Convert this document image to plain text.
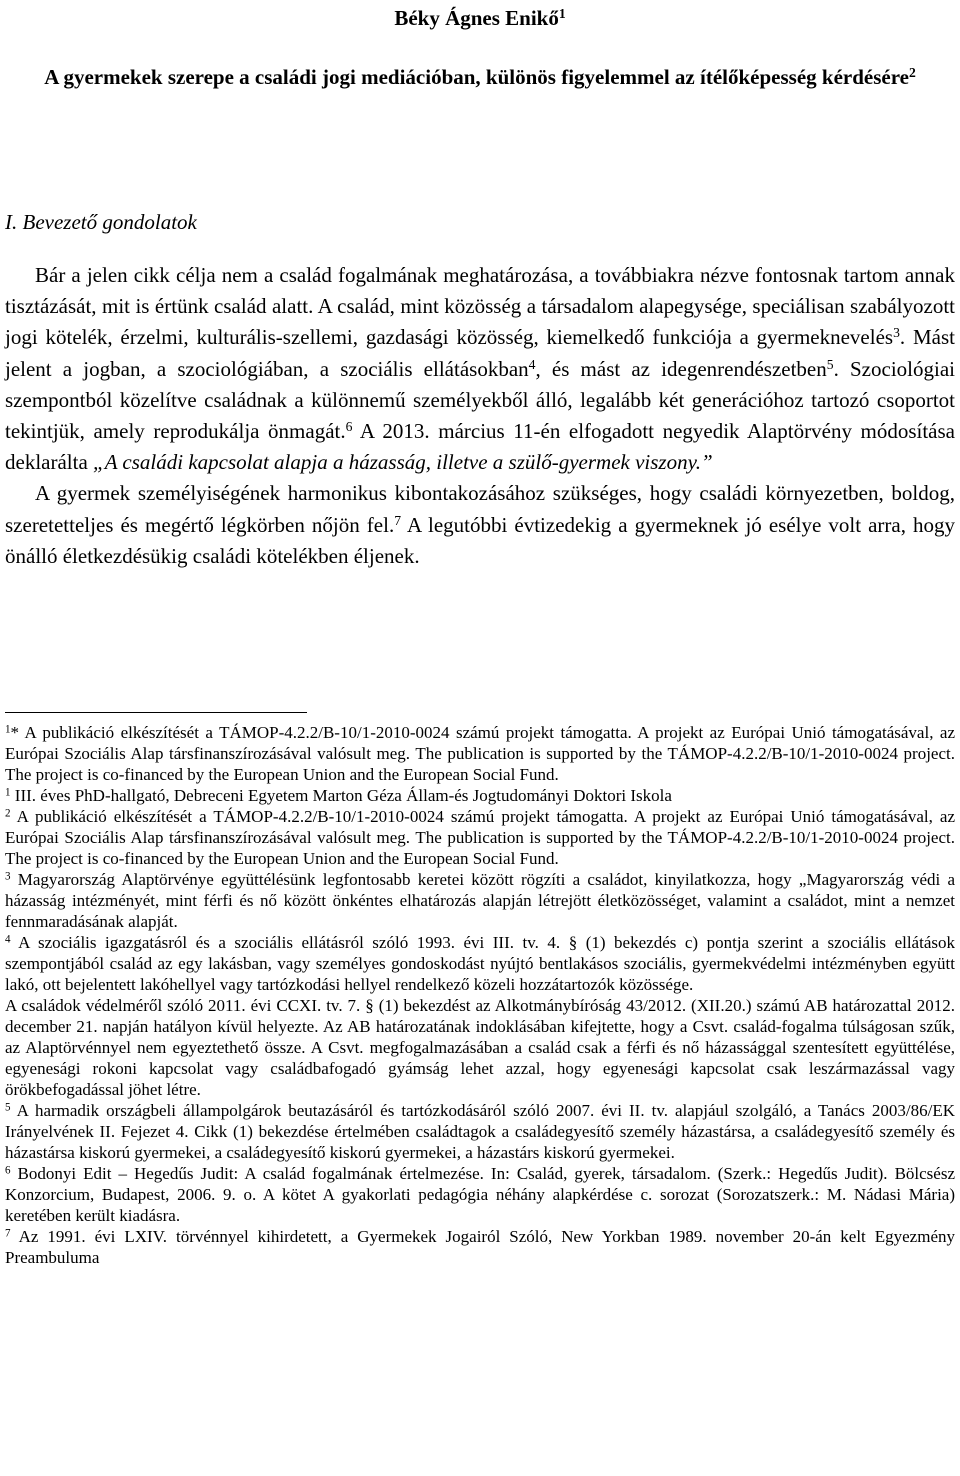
Béky Ágnes Enikő$^1$
A gyermekek szerepe a családi jogi mediációban, különös figyelemmel az ítélőképesség kérdésére$^2$
I. Bevezető gondolatok

Bár a jelen cikk célja nem a család fogalmának meghatározása, a továbbiakra nézve fontosnak tartom annak tisztázását, mit is értünk család alatt. A család, mint közösség a társadalom alapegysége, speciálisan szabályozott jogi kötelék, érzelmi, kulturális-szellemi, gazdasági közösség, kiemelkedő funkciója a gyermeknevelés$^3$. Mást jelent a jogban, a szociológiában, a szociális ellátásokban$^4$, és mást az idegenrendészetben$^5$. Szociológiai szempontból közelítve családnak a különnemű személyekből álló, legalább két generációhoz tartozó csoportot tekintjük, amely reprodukálja önmagát.$^6$ A 2013. március 11-én elfogadott negyedik Alaptörvény módosítása deklarálta „A családi kapcsolat alapja a házasság, illetve a szülő-gyermek viszony.”

A gyermek személyiségének harmonikus kibontakozásához szükséges, hogy családi környezetben, boldog, szeretetteljes és megértő légkörben nőjön fel.$^7$ A legutóbbi évtizedekig a gyermeknek jó esélye volt arra, hogy önálló életkezdésükig családi kötelékben éljenek.

$^1$* A publikáció elkészítését a TÁMOP-4.2.2/B-10/1-2010-0024 számú projekt támogatta. A projekt az Európai Unió támogatásával, az Európai Szociális Alap társfinanszírozásával valósult meg. The publication is supported by the TÁMOP-4.2.2/B-10/1-2010-0024 project. The project is co-financed by the European Union and the European Social Fund.

$^1$ III. éves PhD-hallgató, Debreceni Egyetem Marton Géza Állam-és Jogtudományi Doktori Iskola

$^2$ A publikáció elkészítését a TÁMOP-4.2.2/B-10/1-2010-0024 számú projekt támogatta. A projekt az Európai Unió támogatásával, az Európai Szociális Alap társfinanszírozásával valósult meg. The publication is supported by the TÁMOP-4.2.2/B-10/1-2010-0024 project. The project is co-financed by the European Union and the European Social Fund.

$^3$ Magyarország Alaptörvénye együttélésünk legfontosabb keretei között rögzíti a családot, kinyilatkozza, hogy „Magyarország védi a házasság intézményét, mint férfi és nő között önkéntes elhatározás alapján létrejött életközösséget, valamint a családot, mint a nemzet fennmaradásának alapját.

$^4$ A szociális igazgatásról és a szociális ellátásról szóló 1993. évi III. tv. 4. § (1) bekezdés c) pontja szerint a szociális ellátások szempontjából család az egy lakásban, vagy személyes gondoskodást nyújtó bentlakásos szociális, gyermekvédelmi intézményben együtt lakó, ott bejelentett lakóhellyel vagy tartózkodási hellyel rendelkező közeli hozzátartozók közössége.

A családok védelméről szóló 2011. évi CCXI. tv. 7. § (1) bekezdést az Alkotmánybíróság 43/2012. (XII.20.) számú AB határozattal 2012. december 21. napján hatályon kívül helyezte. Az AB határozatának indoklásában kifejtette, hogy a Csvt. család-fogalma túlságosan szűk, az Alaptörvénnyel nem egyeztethető össze. A Csvt. megfogalmazásában a család csak a férfi és nő házassággal szentesített együttélése, egyenesági rokoni kapcsolat vagy családbafogadó gyámság lehet azzal, hogy egyenesági kapcsolat csak leszármazással vagy örökbefogadással jöhet létre.

$^5$ A harmadik országbeli állampolgárok beutazásáról és tartózkodásáról szóló 2007. évi II. tv. alapjául szolgáló, a Tanács 2003/86/EK Irányelvének II. Fejezet 4. Cikk (1) bekezdése értelmében családtagok a családegyesítő személy házastársa, a családegyesítő személy és házastársa kiskorú gyermekei, a családegyesítő kiskorú gyermekei, a házastárs kiskorú gyermekei.

$^6$ Bodonyi Edit – Hegedűs Judit: A család fogalmának értelmezése. In: Család, gyerek, társadalom. (Szerk.: Hegedűs Judit). Bölcsész Konzorcium, Budapest, 2006. 9. o. A kötet A gyakorlati pedagógia néhány alapkérdése c. sorozat (Sorozatszerk.: M. Nádasi Mária) keretében került kiadásra.

$^7$ Az 1991. évi LXIV. törvénnyel kihirdetett, a Gyermekek Jogairól Szóló, New Yorkban 1989. november 20-án kelt Egyezmény Preambuluma
